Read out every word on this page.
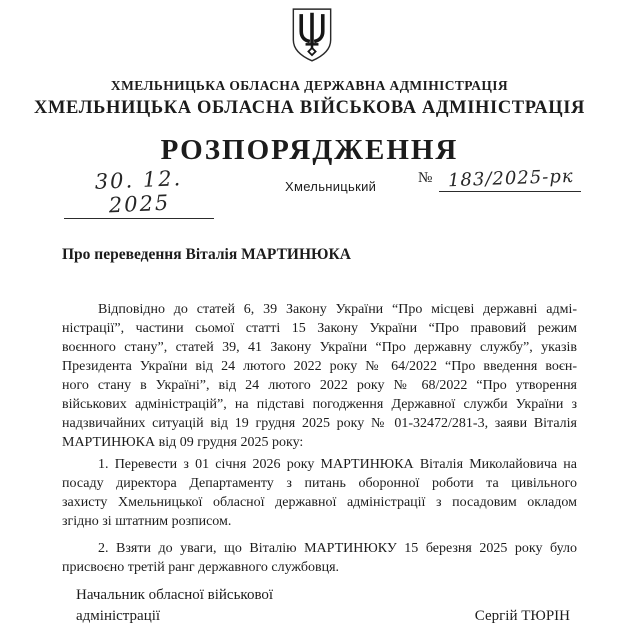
ХМЕЛЬНИЦЬКА ОБЛАСНА ДЕРЖАВНА АДМІНІСТРАЦІЯ
ХМЕЛЬНИЦЬКА ОБЛАСНА ВІЙСЬКОВА АДМІНІСТРАЦІЯ
РОЗПОРЯДЖЕННЯ
30. 12. 2025
Хмельницький
№ 183/2025-рк
Про переведення Віталія МАРТИНЮКА
Відповідно до статей 6, 39 Закону України “Про місцеві державні адмі-
ністрації”, частини сьомої статті 15 Закону України “Про правовий режим
воєнного стану”, статей 39, 41 Закону України “Про державну службу”, указів
Президента України від 24 лютого 2022 року № 64/2022 “Про введення воєн-
ного стану в Україні”, від 24 лютого 2022 року № 68/2022 “Про утворення
військових адміністрацій”, на підставі погодження Державної служби України з
надзвичайних ситуацій від 19 грудня 2025 року № 01-32472/281-3, заяви Віталія
МАРТИНЮКА від 09 грудня 2025 року:
1. Перевести з 01 січня 2026 року МАРТИНЮКА Віталія Миколайовича на
посаду директора Департаменту з питань оборонної роботи та цивільного
захисту Хмельницької обласної державної адміністрації з посадовим окладом
згідно зі штатним розписом.
2. Взяти до уваги, що Віталію МАРТИНЮКУ 15 березня 2025 року було
присвоєно третій ранг державного службовця.
Начальник обласної військової
адміністрації	Сергій ТЮРІН
